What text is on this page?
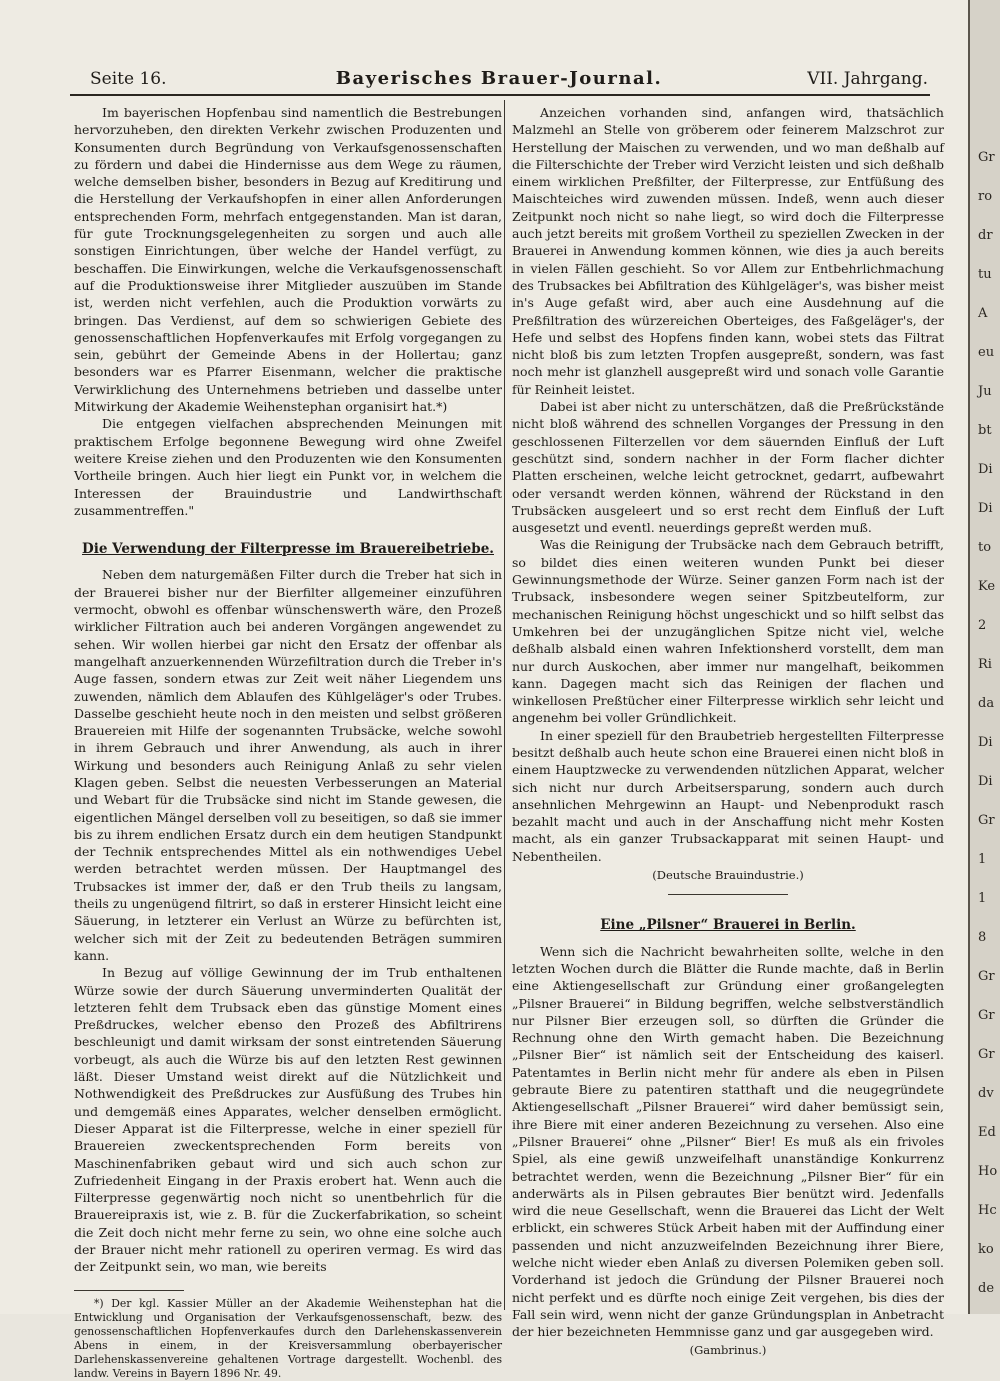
Seite 16.	Bayerisches Brauer-Journal.	VII. Jahrgang.

Im bayerischen Hopfenbau sind namentlich die Bestrebungen hervorzuheben, den direkten Verkehr zwischen Produzenten und Konsumenten durch Begründung von Verkaufsgenossenschaften zu fördern und dabei die Hindernisse aus dem Wege zu räumen, welche demselben bisher, besonders in Bezug auf Kreditirung und die Herstellung der Verkaufshopfen in einer allen Anforderungen entsprechenden Form, mehrfach entgegenstanden. Man ist daran, für gute Trocknungsgelegenheiten zu sorgen und auch alle sonstigen Einrichtungen, über welche der Handel verfügt, zu beschaffen. Die Einwirkungen, welche die Verkaufsgenossenschaft auf die Produktionsweise ihrer Mitglieder auszuüben im Stande ist, werden nicht verfehlen, auch die Produktion vorwärts zu bringen. Das Verdienst, auf dem so schwierigen Gebiete des genossenschaftlichen Hopfenverkaufes mit Erfolg vorgegangen zu sein, gebührt der Gemeinde Abens in der Hollertau; ganz besonders war es Pfarrer Eisenmann, welcher die praktische Verwirklichung des Unternehmens betrieben und dasselbe unter Mitwirkung der Akademie Weihenstephan organisirt hat.*)

Die entgegen vielfachen absprechenden Meinungen mit praktischem Erfolge begonnene Bewegung wird ohne Zweifel weitere Kreise ziehen und den Produzenten wie den Konsumenten Vortheile bringen. Auch hier liegt ein Punkt vor, in welchem die Interessen der Brauindustrie und Landwirthschaft zusammentreffen."

Die Verwendung der Filterpresse im Brauereibetriebe.

Neben dem naturgemäßen Filter durch die Treber hat sich in der Brauerei bisher nur der Bierfilter allgemeiner einzuführen vermocht, obwohl es offenbar wünschenswerth wäre, den Prozeß wirklicher Filtration auch bei anderen Vorgängen angewendet zu sehen. Wir wollen hierbei gar nicht den Ersatz der offenbar als mangelhaft anzuerkennenden Würzefiltration durch die Treber in's Auge fassen, sondern etwas zur Zeit weit näher Liegendem uns zuwenden, nämlich dem Ablaufen des Kühlgeläger's oder Trubes. Dasselbe geschieht heute noch in den meisten und selbst größeren Brauereien mit Hilfe der sogenannten Trubsäcke, welche sowohl in ihrem Gebrauch und ihrer Anwendung, als auch in ihrer Wirkung und besonders auch Reinigung Anlaß zu sehr vielen Klagen geben. Selbst die neuesten Verbesserungen an Material und Webart für die Trubsäcke sind nicht im Stande gewesen, die eigentlichen Mängel derselben voll zu beseitigen, so daß sie immer bis zu ihrem endlichen Ersatz durch ein dem heutigen Standpunkt der Technik entsprechendes Mittel als ein nothwendiges Uebel werden betrachtet werden müssen. Der Hauptmangel des Trubsackes ist immer der, daß er den Trub theils zu langsam, theils zu ungenügend filtrirt, so daß in ersterer Hinsicht leicht eine Säuerung, in letzterer ein Verlust an Würze zu befürchten ist, welcher sich mit der Zeit zu bedeutenden Beträgen summiren kann.

In Bezug auf völlige Gewinnung der im Trub enthaltenen Würze sowie der durch Säuerung unverminderten Qualität der letzteren fehlt dem Trubsack eben das günstige Moment eines Preßdruckes, welcher ebenso den Prozeß des Abfiltrirens beschleunigt und damit wirksam der sonst eintretenden Säuerung vorbeugt, als auch die Würze bis auf den letzten Rest gewinnen läßt. Dieser Umstand weist direkt auf die Nützlichkeit und Nothwendigkeit des Preßdruckes zur Ausfüßung des Trubes hin und demgemäß eines Apparates, welcher denselben ermöglicht. Dieser Apparat ist die Filterpresse, welche in einer speziell für Brauereien zweckentsprechenden Form bereits von Maschinenfabriken gebaut wird und sich auch schon zur Zufriedenheit Eingang in der Praxis erobert hat. Wenn auch die Filterpresse gegenwärtig noch nicht so unentbehrlich für die Brauereipraxis ist, wie z. B. für die Zuckerfabrikation, so scheint die Zeit doch nicht mehr ferne zu sein, wo ohne eine solche auch der Brauer nicht mehr rationell zu operiren vermag. Es wird das der Zeitpunkt sein, wo man, wie bereits

*) Der kgl. Kassier Müller an der Akademie Weihenstephan hat die Entwicklung und Organisation der Verkaufsgenossenschaft, bezw. des genossenschaftlichen Hopfenverkaufes durch den Darlehenskassenverein Abens in einem, in der Kreisversammlung oberbayerischer Darlehenskassenvereine gehaltenen Vortrage dargestellt. Wochenbl. des landw. Vereins in Bayern 1896 Nr. 49.

Anzeichen vorhanden sind, anfangen wird, thatsächlich Malzmehl an Stelle von gröberem oder feinerem Malzschrot zur Herstellung der Maischen zu verwenden, und wo man deßhalb auf die Filterschichte der Treber wird Verzicht leisten und sich deßhalb einem wirklichen Preßfilter, der Filterpresse, zur Entfüßung des Maischteiches wird zuwenden müssen. Indeß, wenn auch dieser Zeitpunkt noch nicht so nahe liegt, so wird doch die Filterpresse auch jetzt bereits mit großem Vortheil zu speziellen Zwecken in der Brauerei in Anwendung kommen können, wie dies ja auch bereits in vielen Fällen geschieht. So vor Allem zur Entbehrlichmachung des Trubsackes bei Abfiltration des Kühlgeläger's, was bisher meist in's Auge gefaßt wird, aber auch eine Ausdehnung auf die Preßfiltration des würzereichen Oberteiges, des Faßgeläger's, der Hefe und selbst des Hopfens finden kann, wobei stets das Filtrat nicht bloß bis zum letzten Tropfen ausgepreßt, sondern, was fast noch mehr ist glanzhell ausgepreßt wird und sonach volle Garantie für Reinheit leistet.

Dabei ist aber nicht zu unterschätzen, daß die Preßrückstände nicht bloß während des schnellen Vorganges der Pressung in den geschlossenen Filterzellen vor dem säuernden Einfluß der Luft geschützt sind, sondern nachher in der Form flacher dichter Platten erscheinen, welche leicht getrocknet, gedarrt, aufbewahrt oder versandt werden können, während der Rückstand in den Trubsäcken ausgeleert und so erst recht dem Einfluß der Luft ausgesetzt und eventl. neuerdings gepreßt werden muß.

Was die Reinigung der Trubsäcke nach dem Gebrauch betrifft, so bildet dies einen weiteren wunden Punkt bei dieser Gewinnungsmethode der Würze. Seiner ganzen Form nach ist der Trubsack, insbesondere wegen seiner Spitzbeutelform, zur mechanischen Reinigung höchst ungeschickt und so hilft selbst das Umkehren bei der unzugänglichen Spitze nicht viel, welche deßhalb alsbald einen wahren Infektionsherd vorstellt, dem man nur durch Auskochen, aber immer nur mangelhaft, beikommen kann. Dagegen macht sich das Reinigen der flachen und winkellosen Preßtücher einer Filterpresse wirklich sehr leicht und angenehm bei voller Gründlichkeit.

In einer speziell für den Braubetrieb hergestellten Filterpresse besitzt deßhalb auch heute schon eine Brauerei einen nicht bloß in einem Hauptzwecke zu verwendenden nützlichen Apparat, welcher sich nicht nur durch Arbeitsersparung, sondern auch durch ansehnlichen Mehrgewinn an Haupt- und Nebenprodukt rasch bezahlt macht und auch in der Anschaffung nicht mehr Kosten macht, als ein ganzer Trubsackapparat mit seinen Haupt- und Nebentheilen.

(Deutsche Brauindustrie.)

Eine „Pilsner“ Brauerei in Berlin.

Wenn sich die Nachricht bewahrheiten sollte, welche in den letzten Wochen durch die Blätter die Runde machte, daß in Berlin eine Aktiengesellschaft zur Gründung einer großangelegten „Pilsner Brauerei“ in Bildung begriffen, welche selbstverständlich nur Pilsner Bier erzeugen soll, so dürften die Gründer die Rechnung ohne den Wirth gemacht haben. Die Bezeichnung „Pilsner Bier“ ist nämlich seit der Entscheidung des kaiserl. Patentamtes in Berlin nicht mehr für andere als eben in Pilsen gebraute Biere zu patentiren statthaft und die neugegründete Aktiengesellschaft „Pilsner Brauerei“ wird daher bemüssigt sein, ihre Biere mit einer anderen Bezeichnung zu versehen. Also eine „Pilsner Brauerei“ ohne „Pilsner“ Bier! Es muß als ein frivoles Spiel, als eine gewiß unzweifelhaft unanständige Konkurrenz betrachtet werden, wenn die Bezeichnung „Pilsner Bier“ für ein anderwärts als in Pilsen gebrautes Bier benützt wird. Jedenfalls wird die neue Gesellschaft, wenn die Brauerei das Licht der Welt erblickt, ein schweres Stück Arbeit haben mit der Auffindung einer passenden und nicht anzuzweifelnden Bezeichnung ihrer Biere, welche nicht wieder eben Anlaß zu diversen Polemiken geben soll. Vorderhand ist jedoch die Gründung der Pilsner Brauerei noch nicht perfekt und es dürfte noch einige Zeit vergehen, bis dies der Fall sein wird, wenn nicht der ganze Gründungsplan in Anbetracht der hier bezeichneten Hemmnisse ganz und gar ausgegeben wird.

(Gambrinus.)

Gr
ro
dr
tu
A
eu
Ju
bt
Di
Di
to
Ke
2
Ri
da
Di
Di
Gr
1
1
8
Gr
Gr
Gr
dv
Ed
Ho
Hc
ko
de
